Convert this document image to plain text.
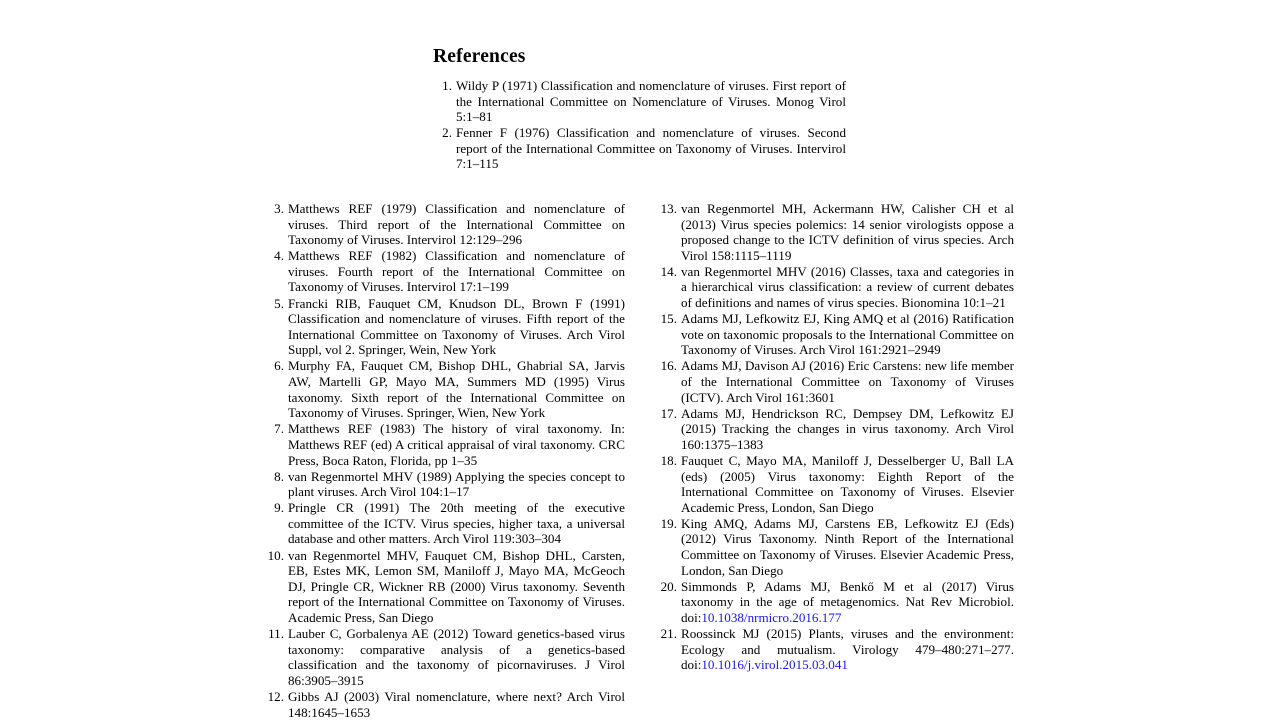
References
1. Wildy P (1971) Classification and nomenclature of viruses. First report of the International Committee on Nomenclature of Viruses. Monog Virol 5:1–81
2. Fenner F (1976) Classification and nomenclature of viruses. Second report of the International Committee on Taxonomy of Viruses. Intervirol 7:1–115
3. Matthews REF (1979) Classification and nomenclature of viruses. Third report of the International Committee on Taxonomy of Viruses. Intervirol 12:129–296
4. Matthews REF (1982) Classification and nomenclature of viruses. Fourth report of the International Committee on Taxonomy of Viruses. Intervirol 17:1–199
5. Francki RIB, Fauquet CM, Knudson DL, Brown F (1991) Classification and nomenclature of viruses. Fifth report of the International Committee on Taxonomy of Viruses. Arch Virol Suppl, vol 2. Springer, Wein, New York
6. Murphy FA, Fauquet CM, Bishop DHL, Ghabrial SA, Jarvis AW, Martelli GP, Mayo MA, Summers MD (1995) Virus taxonomy. Sixth report of the International Committee on Taxonomy of Viruses. Springer, Wien, New York
7. Matthews REF (1983) The history of viral taxonomy. In: Matthews REF (ed) A critical appraisal of viral taxonomy. CRC Press, Boca Raton, Florida, pp 1–35
8. van Regenmortel MHV (1989) Applying the species concept to plant viruses. Arch Virol 104:1–17
9. Pringle CR (1991) The 20th meeting of the executive committee of the ICTV. Virus species, higher taxa, a universal database and other matters. Arch Virol 119:303–304
10. van Regenmortel MHV, Fauquet CM, Bishop DHL, Carsten, EB, Estes MK, Lemon SM, Maniloff J, Mayo MA, McGeoch DJ, Pringle CR, Wickner RB (2000) Virus taxonomy. Seventh report of the International Committee on Taxonomy of Viruses. Academic Press, San Diego
11. Lauber C, Gorbalenya AE (2012) Toward genetics-based virus taxonomy: comparative analysis of a genetics-based classification and the taxonomy of picornaviruses. J Virol 86:3905–3915
12. Gibbs AJ (2003) Viral nomenclature, where next? Arch Virol 148:1645–1653
13. van Regenmortel MH, Ackermann HW, Calisher CH et al (2013) Virus species polemics: 14 senior virologists oppose a proposed change to the ICTV definition of virus species. Arch Virol 158:1115–1119
14. van Regenmortel MHV (2016) Classes, taxa and categories in a hierarchical virus classification: a review of current debates of definitions and names of virus species. Bionomina 10:1–21
15. Adams MJ, Lefkowitz EJ, King AMQ et al (2016) Ratification vote on taxonomic proposals to the International Committee on Taxonomy of Viruses. Arch Virol 161:2921–2949
16. Adams MJ, Davison AJ (2016) Eric Carstens: new life member of the International Committee on Taxonomy of Viruses (ICTV). Arch Virol 161:3601
17. Adams MJ, Hendrickson RC, Dempsey DM, Lefkowitz EJ (2015) Tracking the changes in virus taxonomy. Arch Virol 160:1375–1383
18. Fauquet C, Mayo MA, Maniloff J, Desselberger U, Ball LA (eds) (2005) Virus taxonomy: Eighth Report of the International Committee on Taxonomy of Viruses. Elsevier Academic Press, London, San Diego
19. King AMQ, Adams MJ, Carstens EB, Lefkowitz EJ (Eds) (2012) Virus Taxonomy. Ninth Report of the International Committee on Taxonomy of Viruses. Elsevier Academic Press, London, San Diego
20. Simmonds P, Adams MJ, Benkő M et al (2017) Virus taxonomy in the age of metagenomics. Nat Rev Microbiol. doi:10.1038/nrmicro.2016.177
21. Roossinck MJ (2015) Plants, viruses and the environment: Ecology and mutualism. Virology 479–480:271–277. doi:10.1016/j.virol.2015.03.041
